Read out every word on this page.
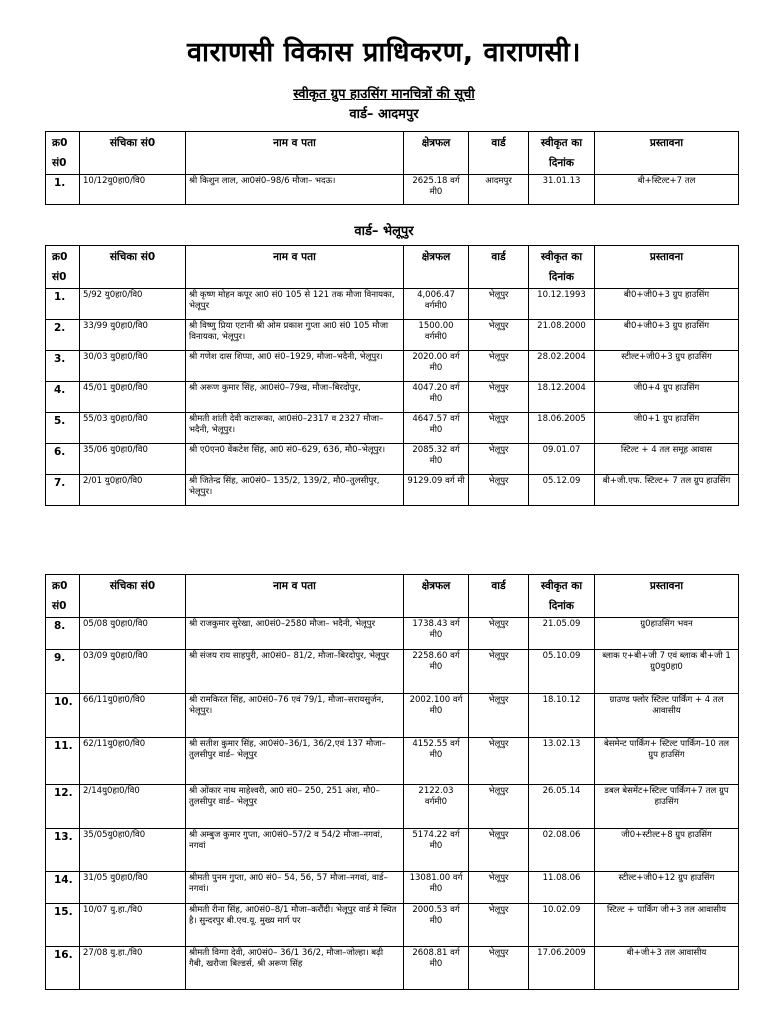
वाराणसी विकास प्राधिकरण, वाराणसी।
स्वीकृत ग्रुप हाउसिंग मानचित्रों की सूची
वार्ड– आदमपुर
क्र0 सं0	संचिका सं0	नाम व पता	क्षेत्रफल	वार्ड	स्वीकृत का दिनांक	प्रस्तावना
1.	10/12यु0हा0/वि0	श्री किशुन लाल, आ0सं0–98/6 मौजा– भदऊ।	2625.18 वर्ग मी0	आदमपुर	31.01.13	बी+स्टिल्ट+7 तल
वार्ड– भेलूपुर
क्र0 सं0	संचिका सं0	नाम व पता	क्षेत्रफल	वार्ड	स्वीकृत का दिनांक	प्रस्तावना
1.	5/92 यु0हा0/वि0	श्री कृष्ण मोहन कपूर आ0 सं0 105 से 121 तक मौजा विनायका, भेलूपुर	4,006.47 वर्गमी0	भेलूपुर	10.12.1993	बी0+जी0+3 ग्रुप हाउसिंग
2.	33/99 यु0हा0/वि0	श्री विष्णु प्रिया एटानी श्री ओम प्रकाश गुप्ता आ0 सं0 105 मौजा विनायका, भेलूपुर।	1500.00 वर्गमी0	भेलूपुर	21.08.2000	बी0+जी0+3 ग्रुप हाउसिंग
3.	30/03 यु0हा0/वि0	श्री गणेश दास शिप्पा, आ0 सं0–1929, मौजा–भदैनी, भेलूपुर।	2020.00 वर्ग मी0	भेलूपुर	28.02.2004	स्टील्ट+जी0+3 ग्रुप हाउसिंग
4.	45/01 यु0हा0/वि0	श्री अरूण कुमार सिंह, आ0सं0–79ख, मौजा–बिरदोपुर,	4047.20 वर्ग मी0	भेलूपुर	18.12.2004	जी0+4 ग्रुप हाउसिंग
5.	55/03 यु0हा0/वि0	श्रीमती शांती देवी कटारूका, आ0सं0–2317 व 2327 मौजा–भदैनी, भेलूपुर।	4647.57 वर्ग मी0	भेलूपुर	18.06.2005	जी0+1 ग्रुप हाउसिंग
6.	35/06 यु0हा0/वि0	श्री ए0एन0 वेंकटेश सिंह, आ0 सं0–629, 636, मौ0–भेलूपुर।	2085.32 वर्ग मी0	भेलूपुर	09.01.07	स्टिल्ट + 4 तल समूह आवास
7.	2/01 यु0हा0/वि0	श्री जितेन्द्र सिंह, आ0सं0– 135/2, 139/2, मौ0–तुलसीपुर, भेलूपुर।	9129.09 वर्ग मी	भेलूपुर	05.12.09	बी+जी.एफ. स्टिल्ट+ 7 तल ग्रुप हाउसिंग
क्र0 सं0	संचिका सं0	नाम व पता	क्षेत्रफल	वार्ड	स्वीकृत का दिनांक	प्रस्तावना
8.	05/08 यु0हा0/वि0	श्री राजकुमार सुरेखा, आ0सं0–2580 मौजा– भदैनी, भेलूपुर	1738.43 वर्ग मी0	भेलूपुर	21.05.09	ग्रु0हाउसिंग भवन
9.	03/09 यु0हा0/वि0	श्री संजय राय साहपुरी, आ0सं0– 81/2, मौजा–बिरदोपुर, भेलूपुर	2258.60 वर्ग मी0	भेलूपुर	05.10.09	ब्लाक ए+बी+जी 7 एवं ब्लाक बी+जी 1 ग्रु0यु0हा0
10.	66/11यु0हा0/वि0	श्री रामकिरत सिंह, आ0सं0–76 एवं 79/1, मौजा–सरायसुर्जन, भेलूपुर।	2002.100 वर्ग मी0	भेलूपुर	18.10.12	ग्राउण्ड फ्लोर स्टिल्ट पार्किंग + 4 तल आवासीय
11.	62/11यु0हा0/वि0	श्री सतीश कुमार सिंह, आ0सं0–36/1, 36/2,एवं 137 मौजा–तुलसीपुर वार्ड– भेलूपुर	4152.55 वर्ग मी0	भेलूपुर	13.02.13	बेसमेन्ट पार्किंग+ स्टिल्ट पार्किंग–10 तल ग्रुप हाउसिंग
12.	2/14यु0हा0/वि0	श्री ओंकार नाथ माहेश्वरी, आ0 सं0– 250, 251 अंश, मौ0–तुलसीपुर वार्ड– भेलूपुर	2122.03 वर्गमी0	भेलूपुर	26.05.14	डबल बेसमेंट+स्टिल्ट पार्किंग+7 तल ग्रुप हाउसिंग
13.	35/05यु0हा0/वि0	श्री अम्बुज कुमार गुप्ता, आ0सं0–57/2 व 54/2 मौजा–नगवां, नगवां	5174.22 वर्ग मी0	भेलूपुर	02.08.06	जी0+स्टील्ट+8 ग्रुप हाउसिंग
14.	31/05 यु0हा0/वि0	श्रीमती पुनम गुप्ता, आ0 सं0– 54, 56, 57 मौजा–नगवां, वार्ड– नगवां।	13081.00 वर्ग मी0	भेलूपुर	11.08.06	स्टील्ट+जी0+12 ग्रुप हाउसिंग
15.	10/07 यु.हा./वि0	श्रीमती रीना सिंह, आ0सं0–8/1 मौजा–करौंदी। भेलूपुर वार्ड मे स्थित है। सुन्दरपुर बी.एच.यू. मुख्य मार्ग पर	2000.53 वर्ग मी0	भेलूपुर	10.02.09	स्टिल्ट + पार्किंग जी+3 तल आवासीय
16.	27/08 यु.हा./वि0	श्रीमती विग्गा देवी, आ0सं0– 36/1 36/2, मौजा–जोल्हा। बढ़ी गैबी, खरौजा बिल्डर्स, श्री अरूण सिंह	2608.81 वर्ग मी0	भेलूपुर	17.06.2009	बी+जी+3 तल आवासीय
